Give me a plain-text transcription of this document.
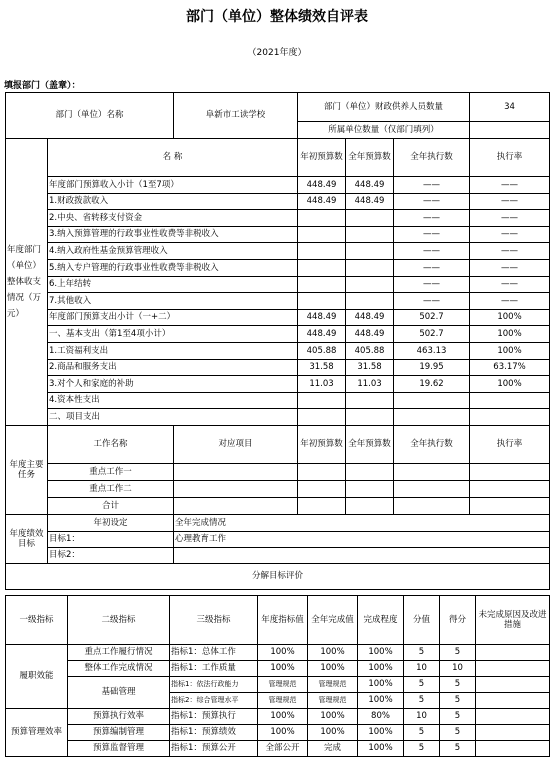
部门（单位）整体绩效自评表
（2021年度）
填报部门（盖章）：
部门（单位）名称		阜新市工读学校	部门（单位）财政供养人员数量			34
			所属单位数量（仅部门填列）			
年度部门（单位）整体收支情况（万元）	名 称		年初预算数	全年预算数	全年执行数	执行率
	年度部门预算收入小计（1至7项）		448.49	448.49	——	——
	1.财政拨款收入		448.49	448.49	——	——
	2.中央、省转移支付资金				——	——
	3.纳入预算管理的行政事业性收费等非税收入				——	——
	4.纳入政府性基金预算管理收入				——	——
	5.纳入专户管理的行政事业性收费等非税收入				——	——
	6.上年结转				——	——
	7.其他收入				——	——
	年度部门预算支出小计（一+二）		448.49	448.49	502.7	100%
	一、基本支出（第1至4项小计）		448.49	448.49	502.7	100%
	1.工资福利支出		405.88	405.88	463.13	100%
	2.商品和服务支出		31.58	31.58	19.95	63.17%
	3.对个人和家庭的补助		11.03	11.03	19.62	100%
	4.资本性支出					
	二、项目支出					
年度主要任务	工作名称	对应项目	年初预算数	全年预算数	全年执行数	执行率
	重点工作一					
	重点工作二					
	合计					
年度绩效目标	年初设定	全年完成情况				
	目标1：	心理教育工作				
	目标2：					
分解目标评价						
一级指标	二级指标	三级指标	年度指标值	全年完成值	完成程度	分值	得分	未完成原因及改进措施
履职效能	重点工作履行情况	指标1：总体工作	100%	100%	100%	5	5	
	整体工作完成情况	指标1：工作质量	100%	100%	100%	10	10	
	基础管理	指标1：依法行政能力	管理规范	管理规范	100%	5	5	
		指标2：综合管理水平	管理规范	管理规范	100%	5	5	
预算管理效率	预算执行效率	指标1：预算执行	100%	100%	80%	10	5	
	预算编制管理	指标1：预算绩效	100%	100%	100%	5	5	
	预算监督管理	指标1：预算公开	全部公开	完成	100%	5	5	
